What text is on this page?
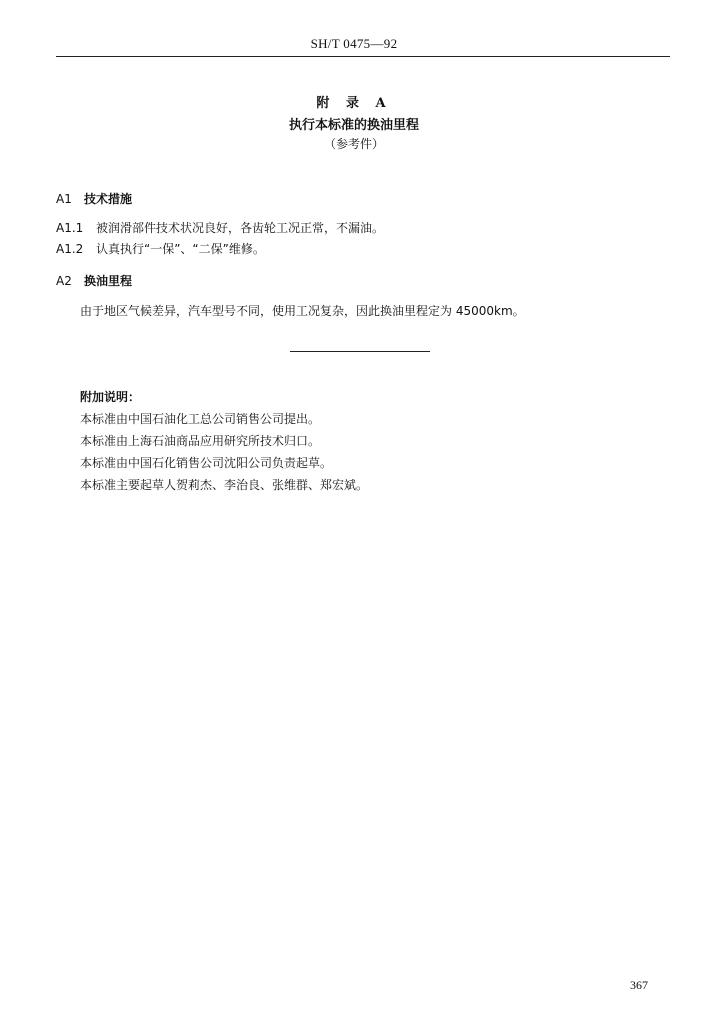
SH/T 0475—92
附 录 A
执行本标准的换油里程
（参考件）
A1 技术措施
A1.1 被润滑部件技术状况良好，各齿轮工况正常，不漏油。
A1.2 认真执行“一保”、“二保”维修。
A2 换油里程
由于地区气候差异，汽车型号不同，使用工况复杂，因此换油里程定为 45000km。
附加说明：
本标准由中国石油化工总公司销售公司提出。
本标准由上海石油商品应用研究所技术归口。
本标准由中国石化销售公司沈阳公司负责起草。
本标准主要起草人贺莉杰、李治良、张维群、郑宏斌。
367
